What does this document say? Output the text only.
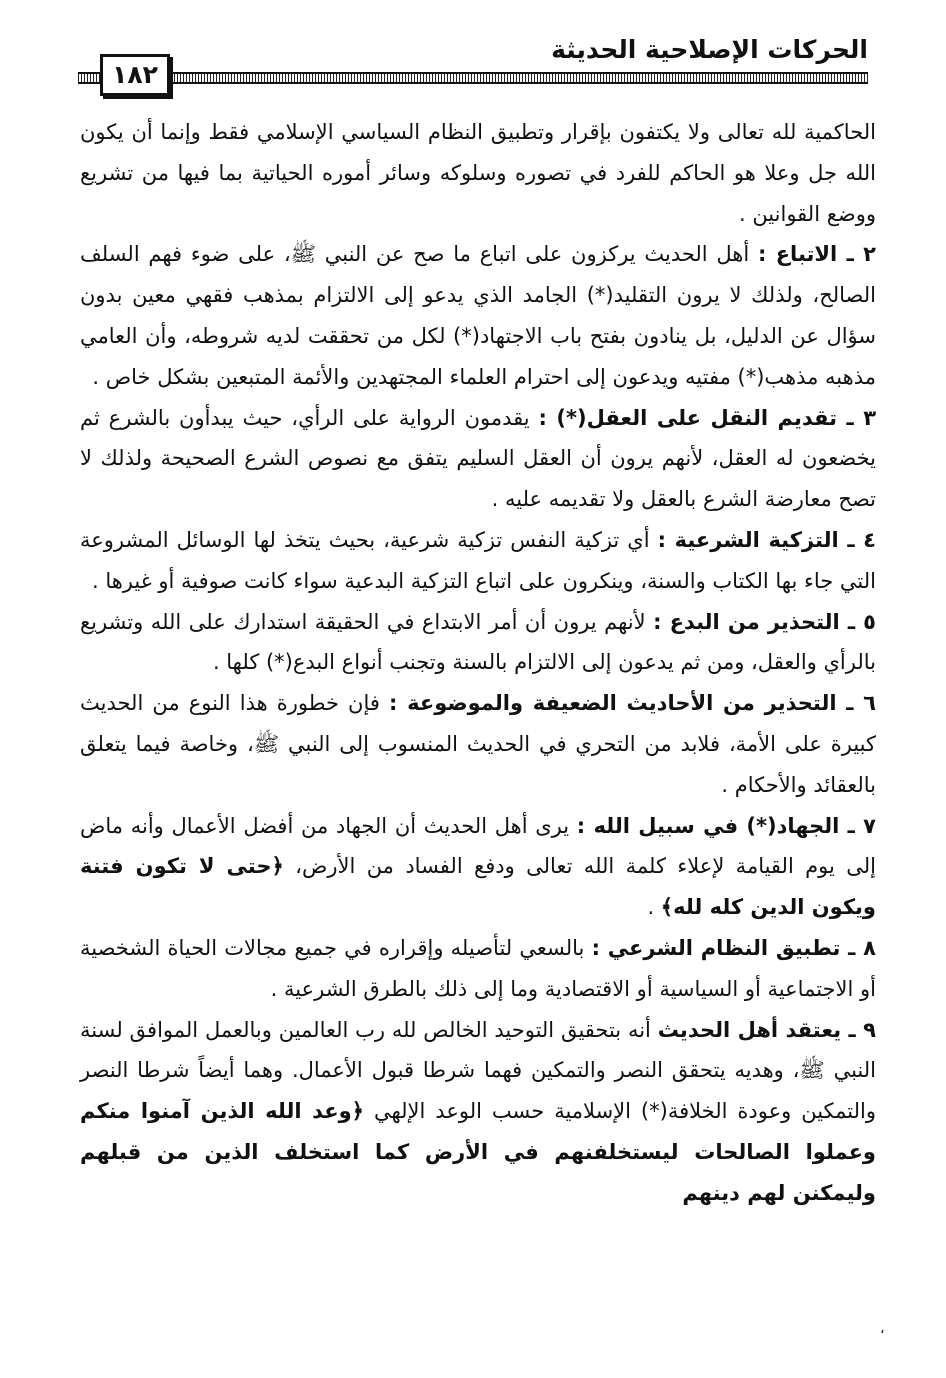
الحركات الإصلاحية الحديثة
١٨٢

الحاكمية لله تعالى ولا يكتفون بإقرار وتطبيق النظام السياسي الإسلامي فقط وإنما أن يكون الله جل وعلا هو الحاكم للفرد في تصوره وسلوكه وسائر أموره الحياتية بما فيها من تشريع ووضع القوانين .

٢ ـ الاتباع : أهل الحديث يركزون على اتباع ما صح عن النبي ﷺ، على ضوء فهم السلف الصالح، ولذلك لا يرون التقليد(*) الجامد الذي يدعو إلى الالتزام بمذهب فقهي معين بدون سؤال عن الدليل، بل ينادون بفتح باب الاجتهاد(*) لكل من تحققت لديه شروطه، وأن العامي مذهبه مذهب(*) مفتيه ويدعون إلى احترام العلماء المجتهدين والأئمة المتبعين بشكل خاص .

٣ ـ تقديم النقل على العقل(*) : يقدمون الرواية على الرأي، حيث يبدأون بالشرع ثم يخضعون له العقل، لأنهم يرون أن العقل السليم يتفق مع نصوص الشرع الصحيحة ولذلك لا تصح معارضة الشرع بالعقل ولا تقديمه عليه .

٤ ـ التزكية الشرعية : أي تزكية النفس تزكية شرعية، بحيث يتخذ لها الوسائل المشروعة التي جاء بها الكتاب والسنة، وينكرون على اتباع التزكية البدعية سواء كانت صوفية أو غيرها .

٥ ـ التحذير من البدع : لأنهم يرون أن أمر الابتداع في الحقيقة استدارك على الله وتشريع بالرأي والعقل، ومن ثم يدعون إلى الالتزام بالسنة وتجنب أنواع البدع(*) كلها .

٦ ـ التحذير من الأحاديث الضعيفة والموضوعة : فإن خطورة هذا النوع من الحديث كبيرة على الأمة، فلابد من التحري في الحديث المنسوب إلى النبي ﷺ، وخاصة فيما يتعلق بالعقائد والأحكام .

٧ ـ الجهاد(*) في سبيل الله : يرى أهل الحديث أن الجهاد من أفضل الأعمال وأنه ماض إلى يوم القيامة لإعلاء كلمة الله تعالى ودفع الفساد من الأرض، ﴿حتى لا تكون فتنة ويكون الدين كله لله﴾ .

٨ ـ تطبيق النظام الشرعي : بالسعي لتأصيله وإقراره في جميع مجالات الحياة الشخصية أو الاجتماعية أو السياسية أو الاقتصادية وما إلى ذلك بالطرق الشرعية .

٩ ـ يعتقد أهل الحديث أنه بتحقيق التوحيد الخالص لله رب العالمين وبالعمل الموافق لسنة النبي ﷺ، وهديه يتحقق النصر والتمكين فهما شرطا قبول الأعمال. وهما أيضاً شرطا النصر والتمكين وعودة الخلافة(*) الإسلامية حسب الوعد الإلهي ﴿وعد الله الذين آمنوا منكم وعملوا الصالحات ليستخلفنهم في الأرض كما استخلف الذين من قبلهم وليمكنن لهم دينهم

،
